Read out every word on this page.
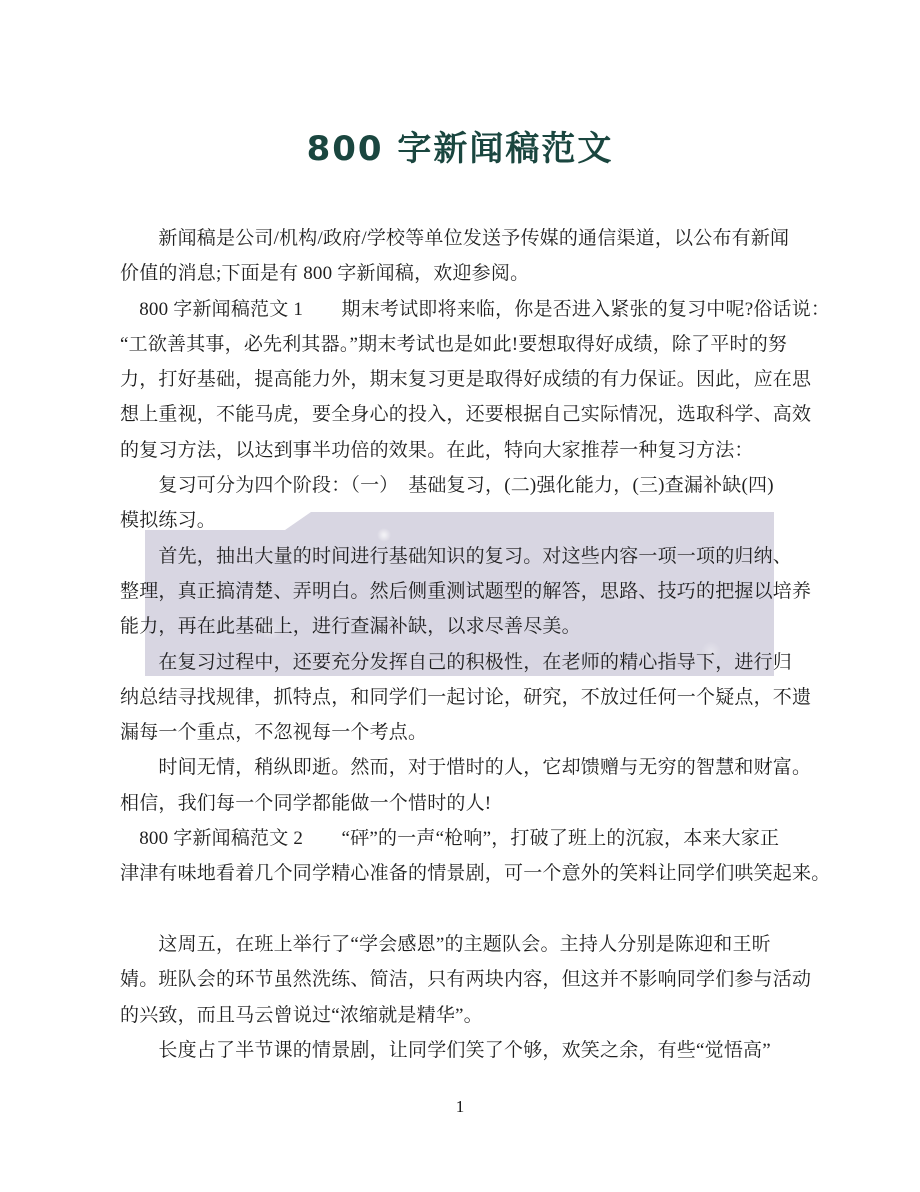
800 字新闻稿范文
　　新闻稿是公司/机构/政府/学校等单位发送予传媒的通信渠道，以公布有新闻
价值的消息;下面是有 800 字新闻稿，欢迎参阅。
　800 字新闻稿范文 1　　期末考试即将来临，你是否进入紧张的复习中呢?俗话说：
“工欲善其事，必先利其器。”期末考试也是如此!要想取得好成绩，除了平时的努
力，打好基础，提高能力外，期末复习更是取得好成绩的有力保证。因此，应在思
想上重视，不能马虎，要全身心的投入，还要根据自己实际情况，选取科学、高效
的复习方法，以达到事半功倍的效果。在此，特向大家推荐一种复习方法：
　　复习可分为四个阶段：（一）　基础复习，(二)强化能力，(三)查漏补缺(四)
模拟练习。
　　首先，抽出大量的时间进行基础知识的复习。对这些内容一项一项的归纳、
整理，真正搞清楚、弄明白。然后侧重测试题型的解答，思路、技巧的把握以培养
能力，再在此基础上，进行查漏补缺，以求尽善尽美。
　　在复习过程中，还要充分发挥自己的积极性，在老师的精心指导下，进行归
纳总结寻找规律，抓特点，和同学们一起讨论，研究，不放过任何一个疑点，不遗
漏每一个重点，不忽视每一个考点。
　　时间无情，稍纵即逝。然而，对于惜时的人，它却馈赠与无穷的智慧和财富。
相信，我们每一个同学都能做一个惜时的人!
　800 字新闻稿范文 2　　“砰”的一声“枪响”，打破了班上的沉寂，本来大家正
津津有味地看着几个同学精心准备的情景剧，可一个意外的笑料让同学们哄笑起来。
　　这周五，在班上举行了“学会感恩”的主题队会。主持人分别是陈迎和王昕
婧。班队会的环节虽然洗练、简洁，只有两块内容，但这并不影响同学们参与活动
的兴致，而且马云曾说过“浓缩就是精华”。
　　长度占了半节课的情景剧，让同学们笑了个够，欢笑之余，有些“觉悟高”
1
